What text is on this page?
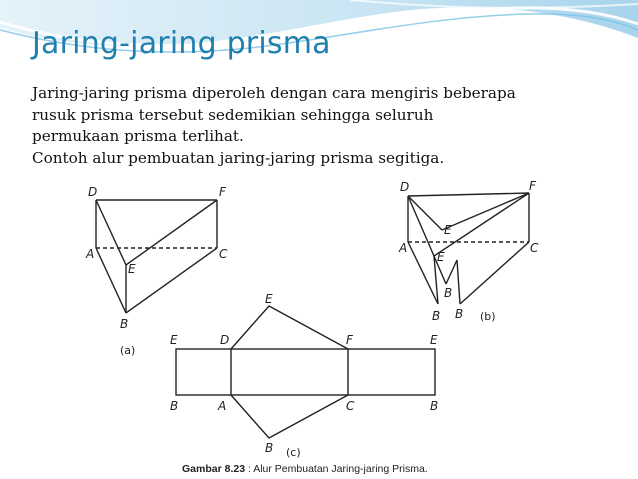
Jaring-jaring prisma

Jaring-jaring prisma diperoleh dengan cara mengiris beberapa

rusuk prisma tersebut sedemikian sehingga seluruh

permukaan prisma terlihat.

Contoh alur pembuatan jaring-jaring prisma segitiga.

D	F
A
E
C
B
(a)
D	F
E
A
E
C
B
B B (b)
E
E	D	F	E
B	A	C	B
B (c)
Gambar 8.23 : Alur Pembuatan Jaring-jaring Prisma.
